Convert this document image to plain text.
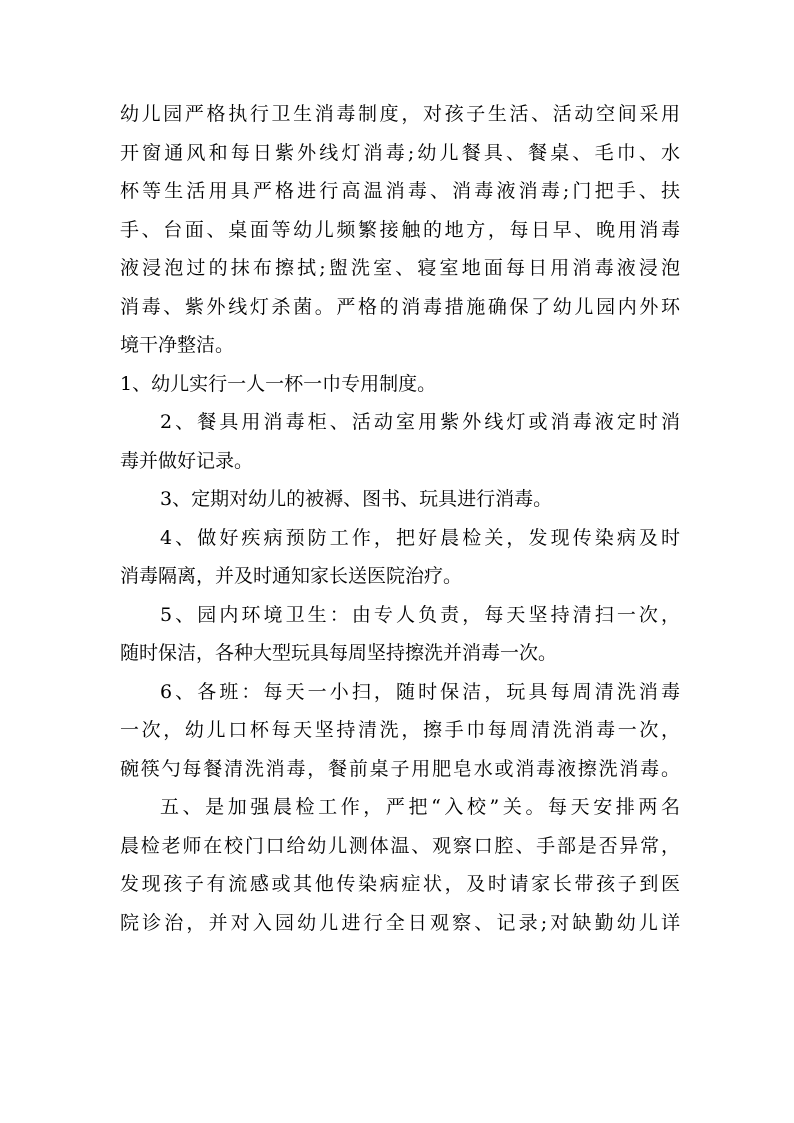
幼儿园严格执行卫生消毒制度，对孩子生活、活动空间采用
开窗通风和每日紫外线灯消毒;幼儿餐具、餐桌、毛巾、水
杯等生活用具严格进行高温消毒、消毒液消毒;门把手、扶
手、台面、桌面等幼儿频繁接触的地方，每日早、晚用消毒
液浸泡过的抹布擦拭;盥洗室、寝室地面每日用消毒液浸泡
消毒、紫外线灯杀菌。严格的消毒措施确保了幼儿园内外环
境干净整洁。
1、幼儿实行一人一杯一巾专用制度。
2、餐具用消毒柜、活动室用紫外线灯或消毒液定时消
毒并做好记录。
3、定期对幼儿的被褥、图书、玩具进行消毒。
4、做好疾病预防工作，把好晨检关，发现传染病及时
消毒隔离，并及时通知家长送医院治疗。
5、园内环境卫生：由专人负责，每天坚持清扫一次，
随时保洁，各种大型玩具每周坚持擦洗并消毒一次。
6、各班：每天一小扫，随时保洁，玩具每周清洗消毒
一次，幼儿口杯每天坚持清洗，擦手巾每周清洗消毒一次，
碗筷勺每餐清洗消毒，餐前桌子用肥皂水或消毒液擦洗消毒。
五、是加强晨检工作，严把“入校”关。每天安排两名
晨检老师在校门口给幼儿测体温、观察口腔、手部是否异常，
发现孩子有流感或其他传染病症状，及时请家长带孩子到医
院诊治，并对入园幼儿进行全日观察、记录;对缺勤幼儿详
